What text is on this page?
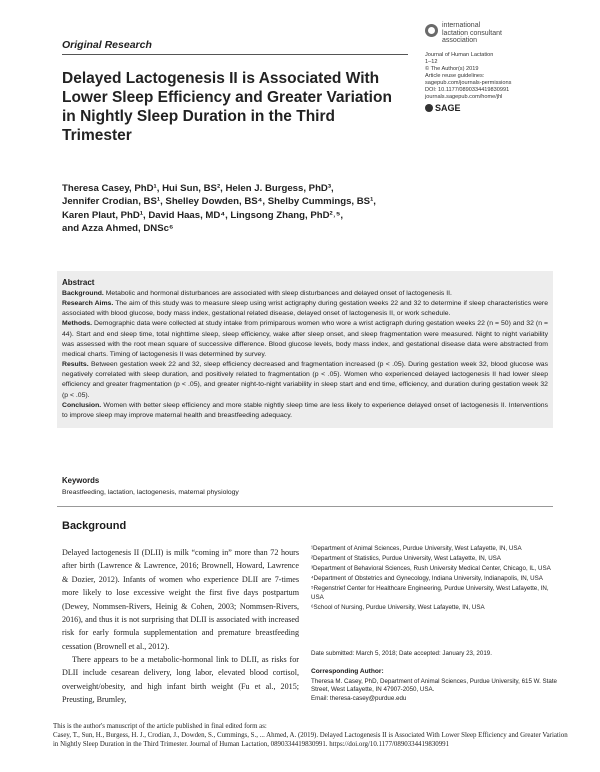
Original Research
Delayed Lactogenesis II is Associated With Lower Sleep Efficiency and Greater Variation in Nightly Sleep Duration in the Third Trimester
international
lactation consultant
association
Journal of Human Lactation
1–12
© The Author(s) 2019
Article reuse guidelines:
sagepub.com/journals-permissions
DOI: 10.1177/0890334419830991
journals.sagepub.com/home/jhl
SAGE
Theresa Casey, PhD¹, Hui Sun, BS², Helen J. Burgess, PhD³,
Jennifer Crodian, BS¹, Shelley Dowden, BS⁴, Shelby Cummings, BS¹,
Karen Plaut, PhD¹, David Haas, MD⁴, Lingsong Zhang, PhD²˒⁵,
and Azza Ahmed, DNSc⁶
Abstract

Background. Metabolic and hormonal disturbances are associated with sleep disturbances and delayed onset of lactogenesis II.

Research Aims. The aim of this study was to measure sleep using wrist actigraphy during gestation weeks 22 and 32 to determine if sleep characteristics were associated with blood glucose, body mass index, gestational related disease, delayed onset of lactogenesis II, or work schedule.

Methods. Demographic data were collected at study intake from primiparous women who wore a wrist actigraph during gestation weeks 22 (n = 50) and 32 (n = 44). Start and end sleep time, total nighttime sleep, sleep efficiency, wake after sleep onset, and sleep fragmentation were measured. Night to night variability was assessed with the root mean square of successive difference. Blood glucose levels, body mass index, and gestational disease data were abstracted from medical charts. Timing of lactogenesis II was determined by survey.

Results. Between gestation week 22 and 32, sleep efficiency decreased and fragmentation increased (p < .05). During gestation week 32, blood glucose was negatively correlated with sleep duration, and positively related to fragmentation (p < .05). Women who experienced delayed lactogenesis II had lower sleep efficiency and greater fragmentation (p < .05), and greater night-to-night variability in sleep start and end time, efficiency, and duration during gestation week 32 (p < .05).

Conclusion. Women with better sleep efficiency and more stable nightly sleep time are less likely to experience delayed onset of lactogenesis II. Interventions to improve sleep may improve maternal health and breastfeeding adequacy.

Keywords
Breastfeeding, lactation, lactogenesis, maternal physiology
Background

Delayed lactogenesis II (DLII) is milk “coming in” more than 72 hours after birth (Lawrence & Lawrence, 2016; Brownell, Howard, Lawrence & Dozier, 2012). Infants of women who experience DLII are 7-times more likely to lose excessive weight the first five days postpartum (Dewey, Nommsen-Rivers, Heinig & Cohen, 2003; Nommsen-Rivers, 2016), and thus it is not surprising that DLII is associated with increased risk for early formula supplementation and premature breastfeeding cessation (Brownell et al., 2012).

There appears to be a metabolic-hormonal link to DLII, as risks for DLII include cesarean delivery, long labor, elevated blood cortisol, overweight/obesity, and high infant birth weight (Fu et al., 2015; Preusting, Brumley,

¹Department of Animal Sciences, Purdue University, West Lafayette, IN, USA
²Department of Statistics, Purdue University, West Lafayette, IN, USA
³Department of Behavioral Sciences, Rush University Medical Center, Chicago, IL, USA
⁴Department of Obstetrics and Gynecology, Indiana University, Indianapolis, IN, USA
⁵Regenstrief Center for Healthcare Engineering, Purdue University, West Lafayette, IN, USA
⁶School of Nursing, Purdue University, West Lafayette, IN, USA
Date submitted: March 5, 2018; Date accepted: January 23, 2019.
Corresponding Author:
Theresa M. Casey, PhD, Department of Animal Sciences, Purdue University, 615 W. State Street, West Lafayette, IN 47907-2050, USA.
Email: theresa-casey@purdue.edu
This is the author's manuscript of the article published in final edited form as:
Casey, T., Sun, H., Burgess, H. J., Crodian, J., Dowden, S., Cummings, S., ... Ahmed, A. (2019). Delayed Lactogenesis II is Associated With Lower Sleep Efficiency and Greater Variation in Nightly Sleep Duration in the Third Trimester. Journal of Human Lactation, 0890334419830991. https://doi.org/10.1177/0890334419830991
